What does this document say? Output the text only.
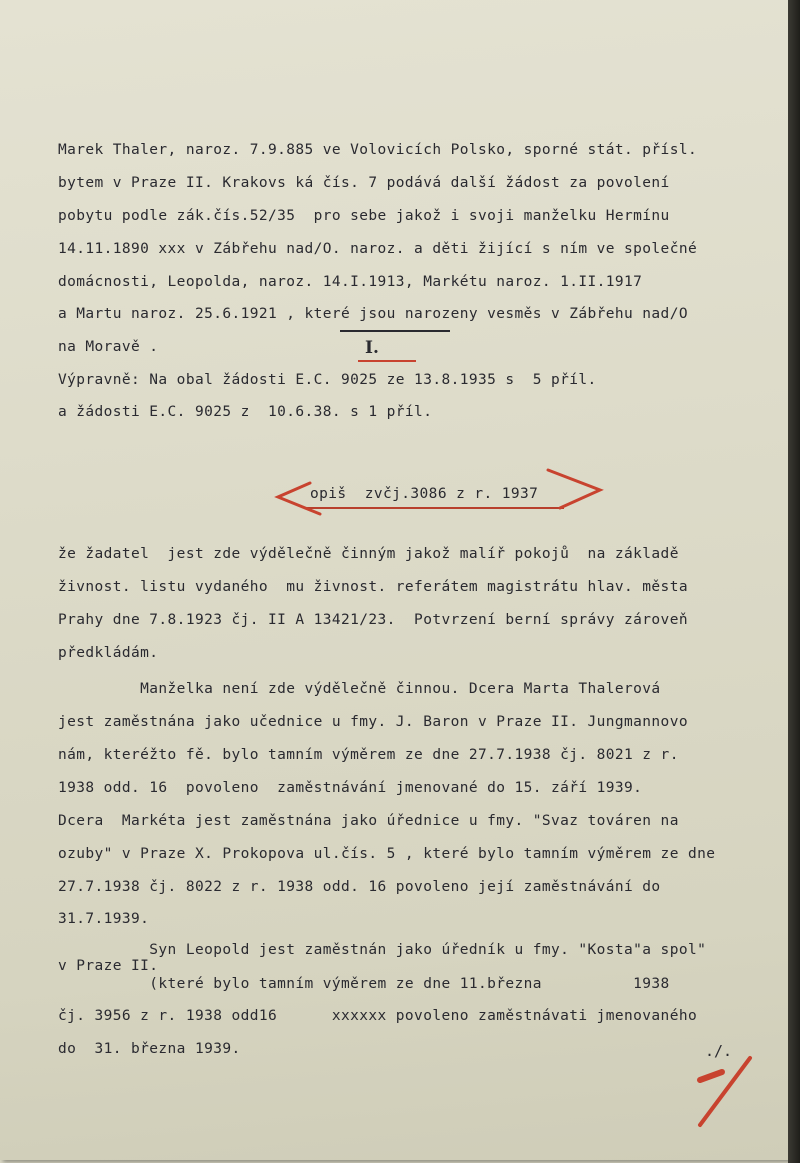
Marek Thaler, naroz. 7.9.885 ve Volovicích Polsko, sporné stát. přísl.
bytem v Praze II. Krakovs ká čís. 7 podává další žádost za povolení
pobytu podle zák.čís.52/35  pro sebe jakož i svoji manželku Hermínu
14.11.1890 xxx v Zábřehu nad/O. naroz. a děti žijící s ním ve společné
domácnosti, Leopolda, naroz. 14.I.1913, Markétu naroz. 1.II.1917
a Martu naroz. 25.6.1921 , které jsou narozeny vesměs v Zábřehu nad/O
na Moravě .	I.
Výpravně: Na obal žádosti E.C. 9025 ze 13.8.1935 s  5 příl.
a žádosti E.C. 9025 z  10.6.38. s 1 příl.
opiš  zvčj.3086 z r. 1937
že žadatel  jest zde výdělečně činným jakož malíř pokojů  na základě
živnost. listu vydaného  mu živnost. referátem magistrátu hlav. města
Prahy dne 7.8.1923 čj. II A 13421/23.  Potvrzení berní správy zároveň
předkládám.
Manželka není zde výdělečně činnou. Dcera Marta Thalerová
jest zaměstnána jako učednice u fmy. J. Baron v Praze II. Jungmannovo
nám, kteréžto fě. bylo tamním výměrem ze dne 27.7.1938 čj. 8021 z r.
1938 odd. 16  povoleno  zaměstnávání jmenované do 15. září 1939.
Dcera  Markéta jest zaměstnána jako úřednice u fmy. "Svaz továren na
ozuby" v Praze X. Prokopova ul.čís. 5 , které bylo tamním výměrem ze dne
27.7.1938 čj. 8022 z r. 1938 odd. 16 povoleno její zaměstnávání do
31.7.1939.
Syn Leopold jest zaměstnán jako úředník u fmy. "Kosta"a spol"
v Praze II.
(které bylo tamním výměrem ze dne 11.března          1938
čj. 3956 z r. 1938 odd16      xxxxxx povoleno zaměstnávati jmenovaného
do  31. března 1939.	./.
